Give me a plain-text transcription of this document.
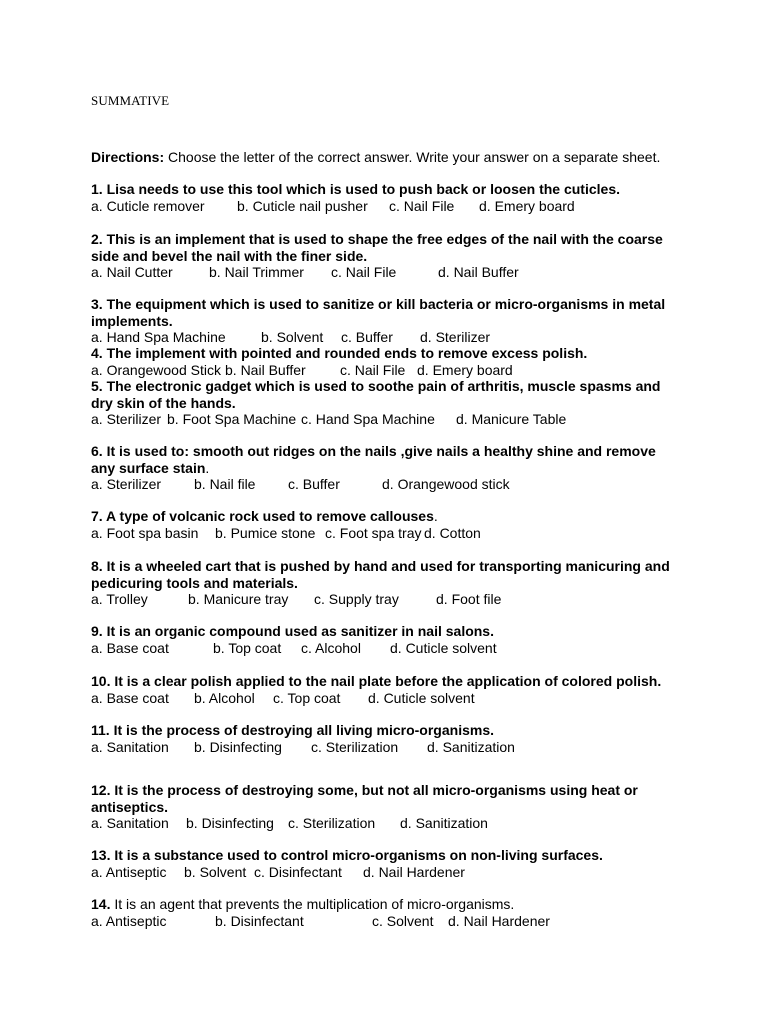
SUMMATIVE
Directions: Choose the letter of the correct answer. Write your answer on a separate sheet.
1. Lisa needs to use this tool which is used to push back or loosen the cuticles.
a. Cuticle remover	b. Cuticle nail pusher	c. Nail File	d. Emery board
2. This is an implement that is used to shape the free edges of the nail with the coarse
side and bevel the nail with the finer side.
a. Nail Cutter	b. Nail Trimmer	c. Nail File	d. Nail Buffer
3. The equipment which is used to sanitize or kill bacteria or micro-organisms in metal
implements.
a. Hand Spa Machine	b. Solvent	c. Buffer	d. Sterilizer
4. The implement with pointed and rounded ends to remove excess polish.
a. Orangewood Stick b. Nail Buffer	c. Nail File d. Emery board
5. The electronic gadget which is used to soothe pain of arthritis, muscle spasms and
dry skin of the hands.
a. Sterilizer b. Foot Spa Machine c. Hand Spa Machine	d. Manicure Table
6. It is used to: smooth out ridges on the nails ,give nails a healthy shine and remove
any surface stain.
a. Sterilizer	b. Nail file	c. Buffer	d. Orangewood stick
7. A type of volcanic rock used to remove callouses.
a. Foot spa basin	b. Pumice stone c. Foot spa tray d. Cotton
8. It is a wheeled cart that is pushed by hand and used for transporting manicuring and
pedicuring tools and materials.
a. Trolley	b. Manicure tray	c. Supply tray	d. Foot file
9. It is an organic compound used as sanitizer in nail salons.
a. Base coat	b. Top coat	c. Alcohol	d. Cuticle solvent
10. It is a clear polish applied to the nail plate before the application of colored polish.
a. Base coat	b. Alcohol	c. Top coat	d. Cuticle solvent
11. It is the process of destroying all living micro-organisms.
a. Sanitation	b. Disinfecting	c. Sterilization	d. Sanitization
12. It is the process of destroying some, but not all micro-organisms using heat or
antiseptics.
a. Sanitation	b. Disinfecting	c. Sterilization	d. Sanitization
13. It is a substance used to control micro-organisms on non-living surfaces.
a. Antiseptic	b. Solvent c. Disinfectant	d. Nail Hardener
14. It is an agent that prevents the multiplication of micro-organisms.
a. Antiseptic	b. Disinfectant	c. Solvent	d. Nail Hardener
